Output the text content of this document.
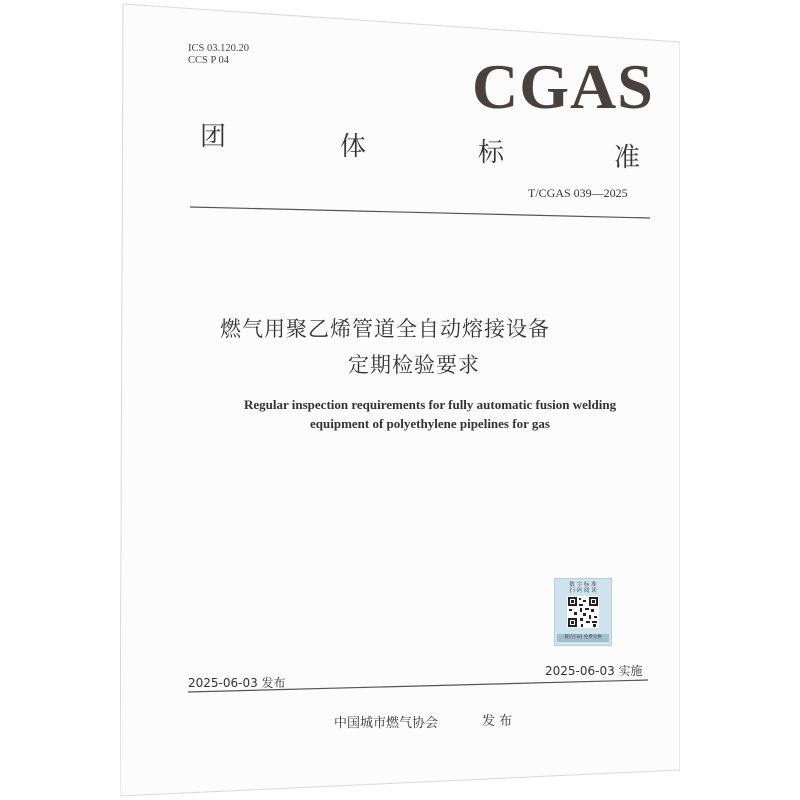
ICS 03.120.20
CCS P 04	CGAS
团	体	标	准
T/CGAS 039—2025
燃气用聚乙烯管道全自动熔接设备
定期检验要求
Regular inspection requirements for fully automatic fusion welding
equipment of polyethylene pipelines for gas
数 字 标 准
扫 码 阅 读
微信扫码 免费兑换
2025-06-03 发布
2025-06-03 实施
中国城市燃气协会	发 布
